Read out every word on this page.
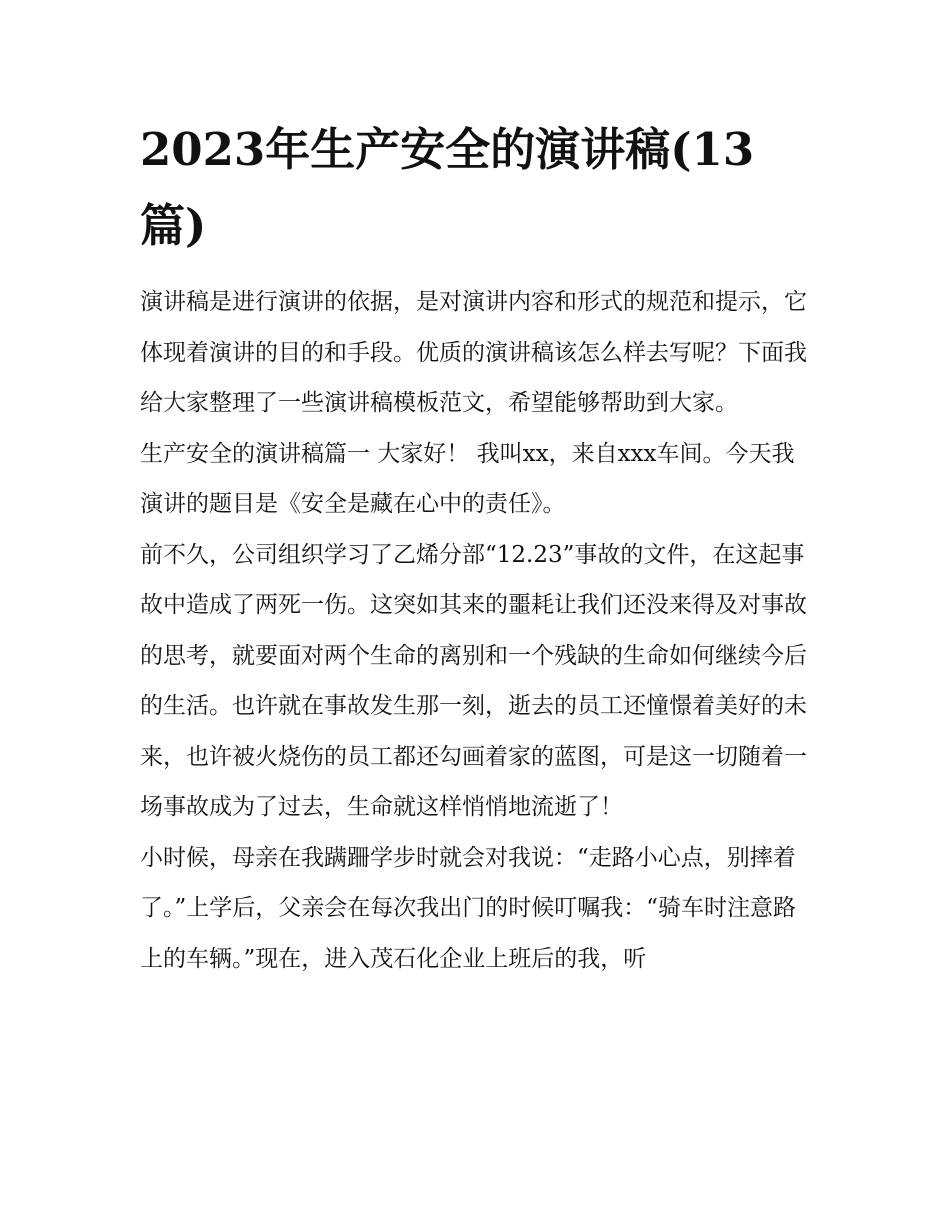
2023年生产安全的演讲稿(13
篇)

演讲稿是进行演讲的依据，是对演讲内容和形式的规范和提示，它体现着演讲的目的和手段。优质的演讲稿该怎么样去写呢？下面我给大家整理了一些演讲稿模板范文，希望能够帮助到大家。

生产安全的演讲稿篇一 大家好！ 我叫xx，来自xxx车间。今天我演讲的题目是《安全是藏在心中的责任》。

前不久，公司组织学习了乙烯分部“12.23”事故的文件，在这起事故中造成了两死一伤。这突如其来的噩耗让我们还没来得及对事故的思考，就要面对两个生命的离别和一个残缺的生命如何继续今后的生活。也许就在事故发生那一刻，逝去的员工还憧憬着美好的未来，也许被火烧伤的员工都还勾画着家的蓝图，可是这一切随着一场事故成为了过去，生命就这样悄悄地流逝了！

小时候，母亲在我蹒跚学步时就会对我说：“走路小心点，别摔着了。”上学后，父亲会在每次我出门的时候叮嘱我：“骑车时注意路上的车辆。”现在，进入茂石化企业上班后的我，听
